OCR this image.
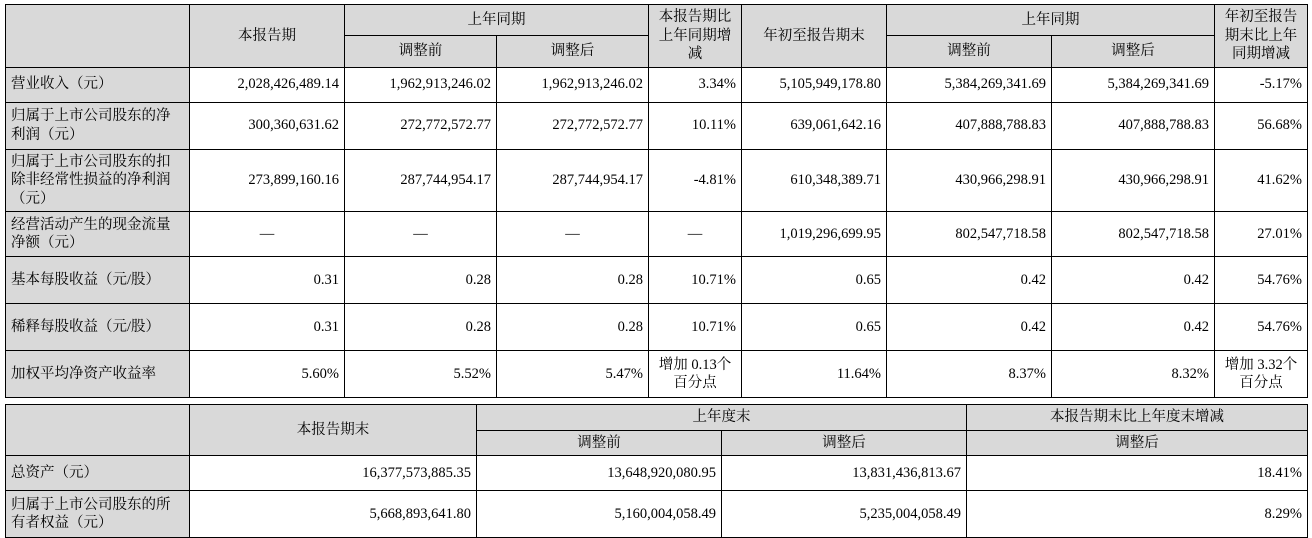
	本报告期	上年同期		本报告期比上年同期增减	年初至报告期末	上年同期		年初至报告期末比上年同期增减
		调整前	调整后			调整前	调整后	
营业收入（元）	2,028,426,489.14	1,962,913,246.02	1,962,913,246.02	3.34%	5,105,949,178.80	5,384,269,341.69	5,384,269,341.69	-5.17%
归属于上市公司股东的净利润（元）	300,360,631.62	272,772,572.77	272,772,572.77	10.11%	639,061,642.16	407,888,788.83	407,888,788.83	56.68%
归属于上市公司股东的扣除非经常性损益的净利润（元）	273,899,160.16	287,744,954.17	287,744,954.17	-4.81%	610,348,389.71	430,966,298.91	430,966,298.91	41.62%
经营活动产生的现金流量净额（元）	—	—	—	—	1,019,296,699.95	802,547,718.58	802,547,718.58	27.01%
基本每股收益（元/股）	0.31	0.28	0.28	10.71%	0.65	0.42	0.42	54.76%
稀释每股收益（元/股）	0.31	0.28	0.28	10.71%	0.65	0.42	0.42	54.76%
加权平均净资产收益率	5.60%	5.52%	5.47%	增加 0.13个百分点	11.64%	8.37%	8.32%	增加 3.32个百分点
	本报告期末	上年度末		本报告期末比上年度末增减
		调整前	调整后	调整后
总资产（元）	16,377,573,885.35	13,648,920,080.95	13,831,436,813.67	18.41%
归属于上市公司股东的所有者权益（元）	5,668,893,641.80	5,160,004,058.49	5,235,004,058.49	8.29%
